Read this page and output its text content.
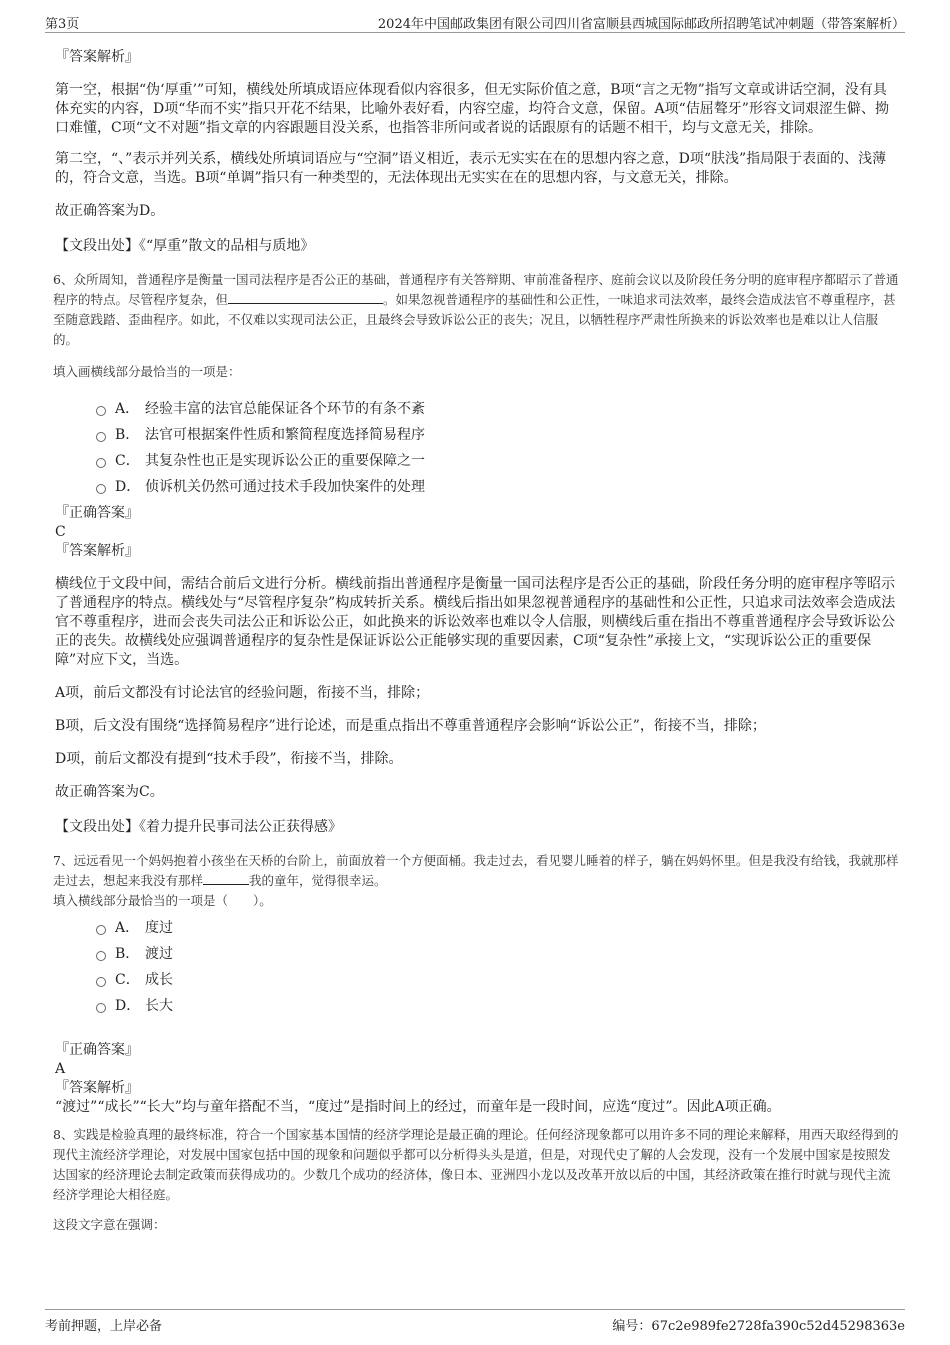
第3页	2024年中国邮政集团有限公司四川省富顺县西城国际邮政所招聘笔试冲刺题（带答案解析）

『答案解析』

第一空，根据“伪‘厚重’”可知，横线处所填成语应体现看似内容很多，但无实际价值之意，B项“言之无物”指写文章或讲话空洞，没有具体充实的内容，D项“华而不实”指只开花不结果，比喻外表好看，内容空虚，均符合文意，保留。A项“佶屈聱牙”形容文词艰涩生僻、拗口难懂，C项“文不对题”指文章的内容跟题目没关系，也指答非所问或者说的话跟原有的话题不相干，均与文意无关，排除。

第二空，“、”表示并列关系，横线处所填词语应与“空洞”语义相近，表示无实实在在的思想内容之意，D项“肤浅”指局限于表面的、浅薄的，符合文意，当选。B项“单调”指只有一种类型的，无法体现出无实实在在的思想内容，与文意无关，排除。

故正确答案为D。

【文段出处】《“厚重”散文的品相与质地》

6、众所周知，普通程序是衡量一国司法程序是否公正的基础，普通程序有关答辩期、审前准备程序、庭前会议以及阶段任务分明的庭审程序都昭示了普通程序的特点。尽管程序复杂，但	。如果忽视普通程序的基础性和公正性，一味追求司法效率，最终会造成法官不尊重程序，甚至随意践踏、歪曲程序。如此，不仅难以实现司法公正，且最终会导致诉讼公正的丧失；况且，以牺牲程序严肃性所换来的诉讼效率也是难以让人信服的。

填入画横线部分最恰当的一项是：

A． 经验丰富的法官总能保证各个环节的有条不紊
B． 法官可根据案件性质和繁简程度选择简易程序
C． 其复杂性也正是实现诉讼公正的重要保障之一
D． 侦诉机关仍然可通过技术手段加快案件的处理

『正确答案』

C

『答案解析』

横线位于文段中间，需结合前后文进行分析。横线前指出普通程序是衡量一国司法程序是否公正的基础，阶段任务分明的庭审程序等昭示了普通程序的特点。横线处与“尽管程序复杂”构成转折关系。横线后指出如果忽视普通程序的基础性和公正性，只追求司法效率会造成法官不尊重程序，进而会丧失司法公正和诉讼公正，如此换来的诉讼效率也难以令人信服，则横线后重在指出不尊重普通程序会导致诉讼公正的丧失。故横线处应强调普通程序的复杂性是保证诉讼公正能够实现的重要因素，C项“复杂性”承接上文，“实现诉讼公正的重要保障”对应下文，当选。

A项，前后文都没有讨论法官的经验问题，衔接不当，排除；

B项，后文没有围绕“选择简易程序”进行论述，而是重点指出不尊重普通程序会影响“诉讼公正”，衔接不当，排除；

D项，前后文都没有提到“技术手段”，衔接不当，排除。

故正确答案为C。

【文段出处】《着力提升民事司法公正获得感》

7、远远看见一个妈妈抱着小孩坐在天桥的台阶上，前面放着一个方便面桶。我走过去，看见婴儿睡着的样子，躺在妈妈怀里。但是我没有给钱，我就那样走过去，想起来我没有那样	我的童年，觉得很幸运。

填入横线部分最恰当的一项是（　　）。

A． 度过
B． 渡过
C． 成长
D． 长大

『正确答案』

A

『答案解析』

“渡过”“成长”“长大”均与童年搭配不当，“度过”是指时间上的经过，而童年是一段时间，应选“度过”。因此A项正确。

8、实践是检验真理的最终标准，符合一个国家基本国情的经济学理论是最正确的理论。任何经济现象都可以用许多不同的理论来解释，用西天取经得到的现代主流经济学理论，对发展中国家包括中国的现象和问题似乎都可以分析得头头是道，但是，对现代史了解的人会发现，没有一个发展中国家是按照发达国家的经济理论去制定政策而获得成功的。少数几个成功的经济体，像日本、亚洲四小龙以及改革开放以后的中国，其经济政策在推行时就与现代主流经济学理论大相径庭。

这段文字意在强调：

考前押题，上岸必备	编号：67c2e989fe2728fa390c52d45298363e
